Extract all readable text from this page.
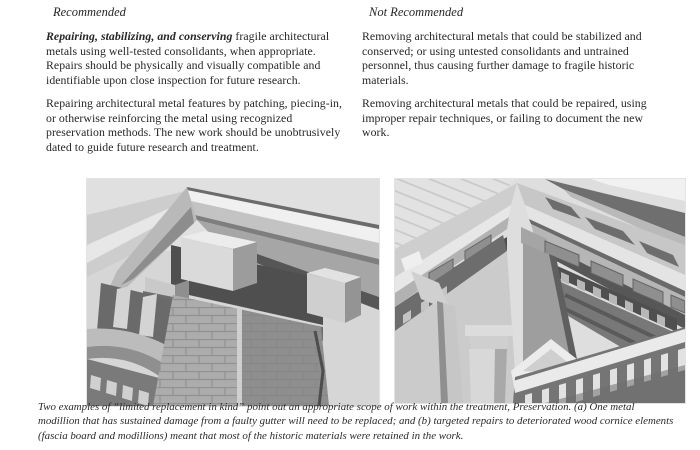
Recommended

Repairing, stabilizing, and conserving fragile architectural metals using well-tested consolidants, when appropriate. Repairs should be physically and visually compatible and identifiable upon close inspection for future research.

Repairing architectural metal features by patching, piecing-in, or otherwise reinforcing the metal using recognized preservation methods. The new work should be unobtrusively dated to guide future research and treatment.

Not Recommended

Removing architectural metals that could be stabilized and conserved; or using untested consolidants and untrained personnel, thus causing further damage to fragile historic materials.

Removing architectural metals that could be repaired, using improper repair techniques, or failing to document the new work.

Two examples of “limited replacement in kind” point out an appropriate scope of work within the treatment, Preservation. (a) One metal modillion that has sustained damage from a faulty gutter will need to be replaced; and (b) targeted repairs to deteriorated wood cornice elements (fascia board and modillions) meant that most of the historic materials were retained in the work.
